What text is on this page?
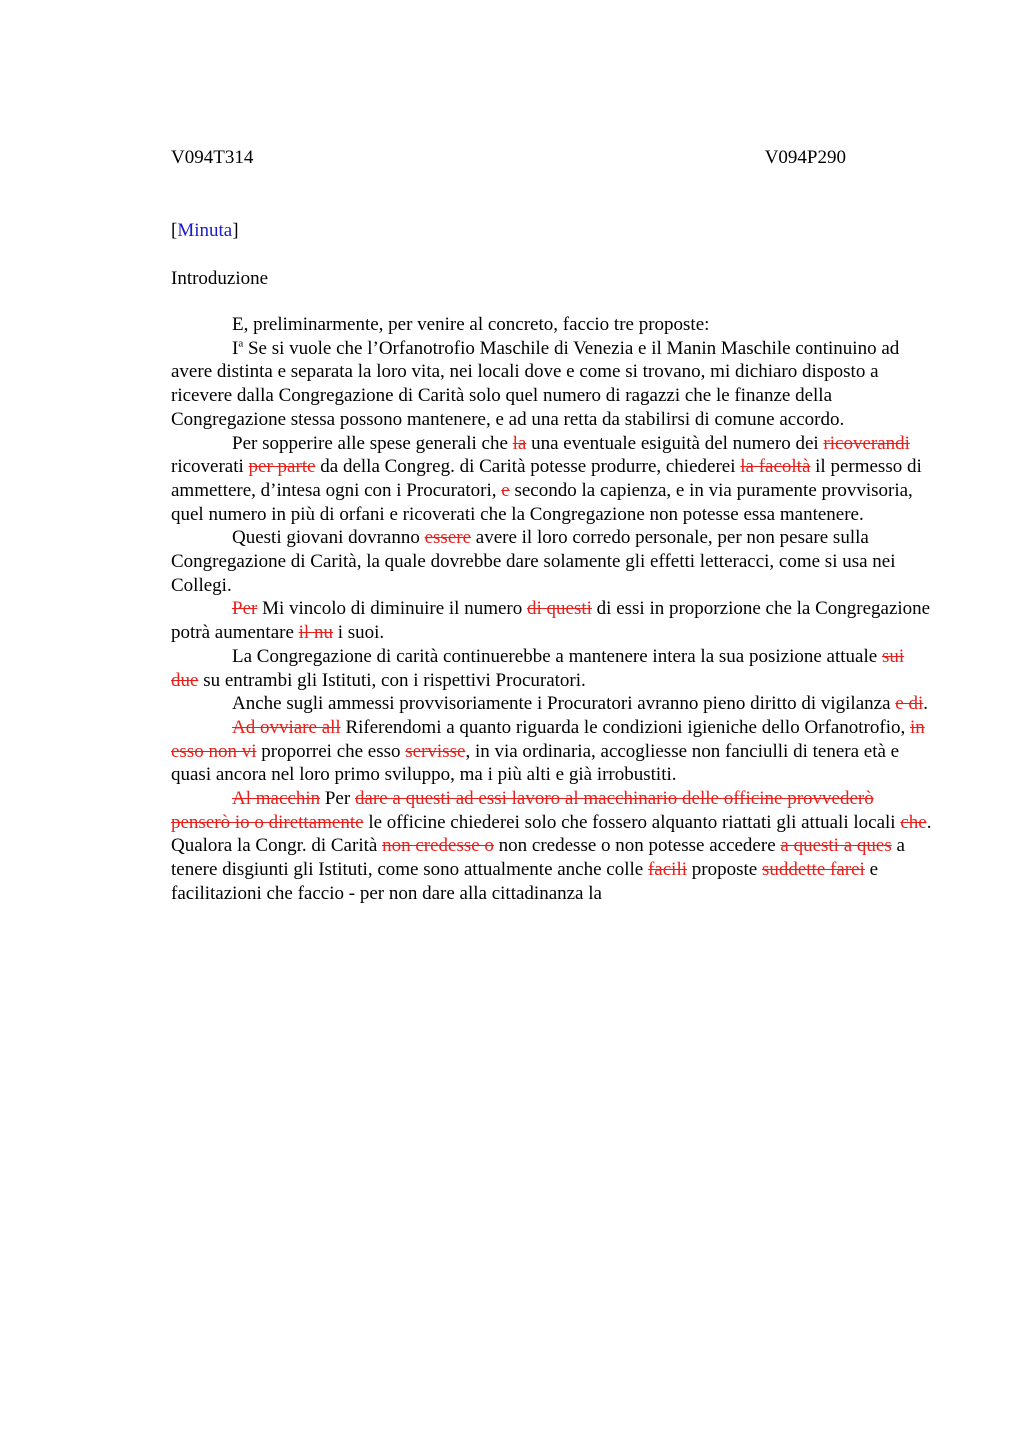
V094T314	V094P290
[Minuta]
Introduzione

E, preliminarmente, per venire al concreto, faccio tre proposte:

$I^a$ Se si vuole che l’Orfanotrofio Maschile di Venezia e il Manin Maschile continuino ad avere distinta e separata la loro vita, nei locali dove e come si trovano, mi dichiaro disposto a ricevere dalla Congregazione di Carità solo quel numero di ragazzi che le finanze della Congregazione stessa possono mantenere, e ad una retta da stabilirsi di comune accordo.

Per sopperire alle spese generali che la una eventuale esiguità del numero dei ricoverandi ricoverati per parte da della Congreg. di Carità potesse produrre, chiederei la facoltà il permesso di ammettere, d’intesa ogni con i Procuratori, e secondo la capienza, e in via puramente provvisoria, quel numero in più di orfani e ricoverati che la Congregazione non potesse essa mantenere.

Questi giovani dovranno essere avere il loro corredo personale, per non pesare sulla Congregazione di Carità, la quale dovrebbe dare solamente gli effetti letteracci, come si usa nei Collegi.

Per Mi vincolo di diminuire il numero di questi di essi in proporzione che la Congregazione potrà aumentare il nu i suoi.

La Congregazione di carità continuerebbe a mantenere intera la sua posizione attuale sui due su entrambi gli Istituti, con i rispettivi Procuratori.

Anche sugli ammessi provvisoriamente i Procuratori avranno pieno diritto di vigilanza e di.

Ad ovviare all Riferendomi a quanto riguarda le condizioni igieniche dello Orfanotrofio, in esso non vi proporrei che esso servisse, in via ordinaria, accogliesse non fanciulli di tenera età e quasi ancora nel loro primo sviluppo, ma i più alti e già irrobustiti.

Al macchin Per dare a questi ad essi lavoro al macchinario delle officine provvederò penserò io o direttamente le officine chiederei solo che fossero alquanto riattati gli attuali locali che. Qualora la Congr. di Carità non credesse o non credesse o non potesse accedere a questi a ques a tenere disgiunti gli Istituti, come sono attualmente anche colle facili proposte suddette farei e facilitazioni che faccio - per non dare alla cittadinanza la
